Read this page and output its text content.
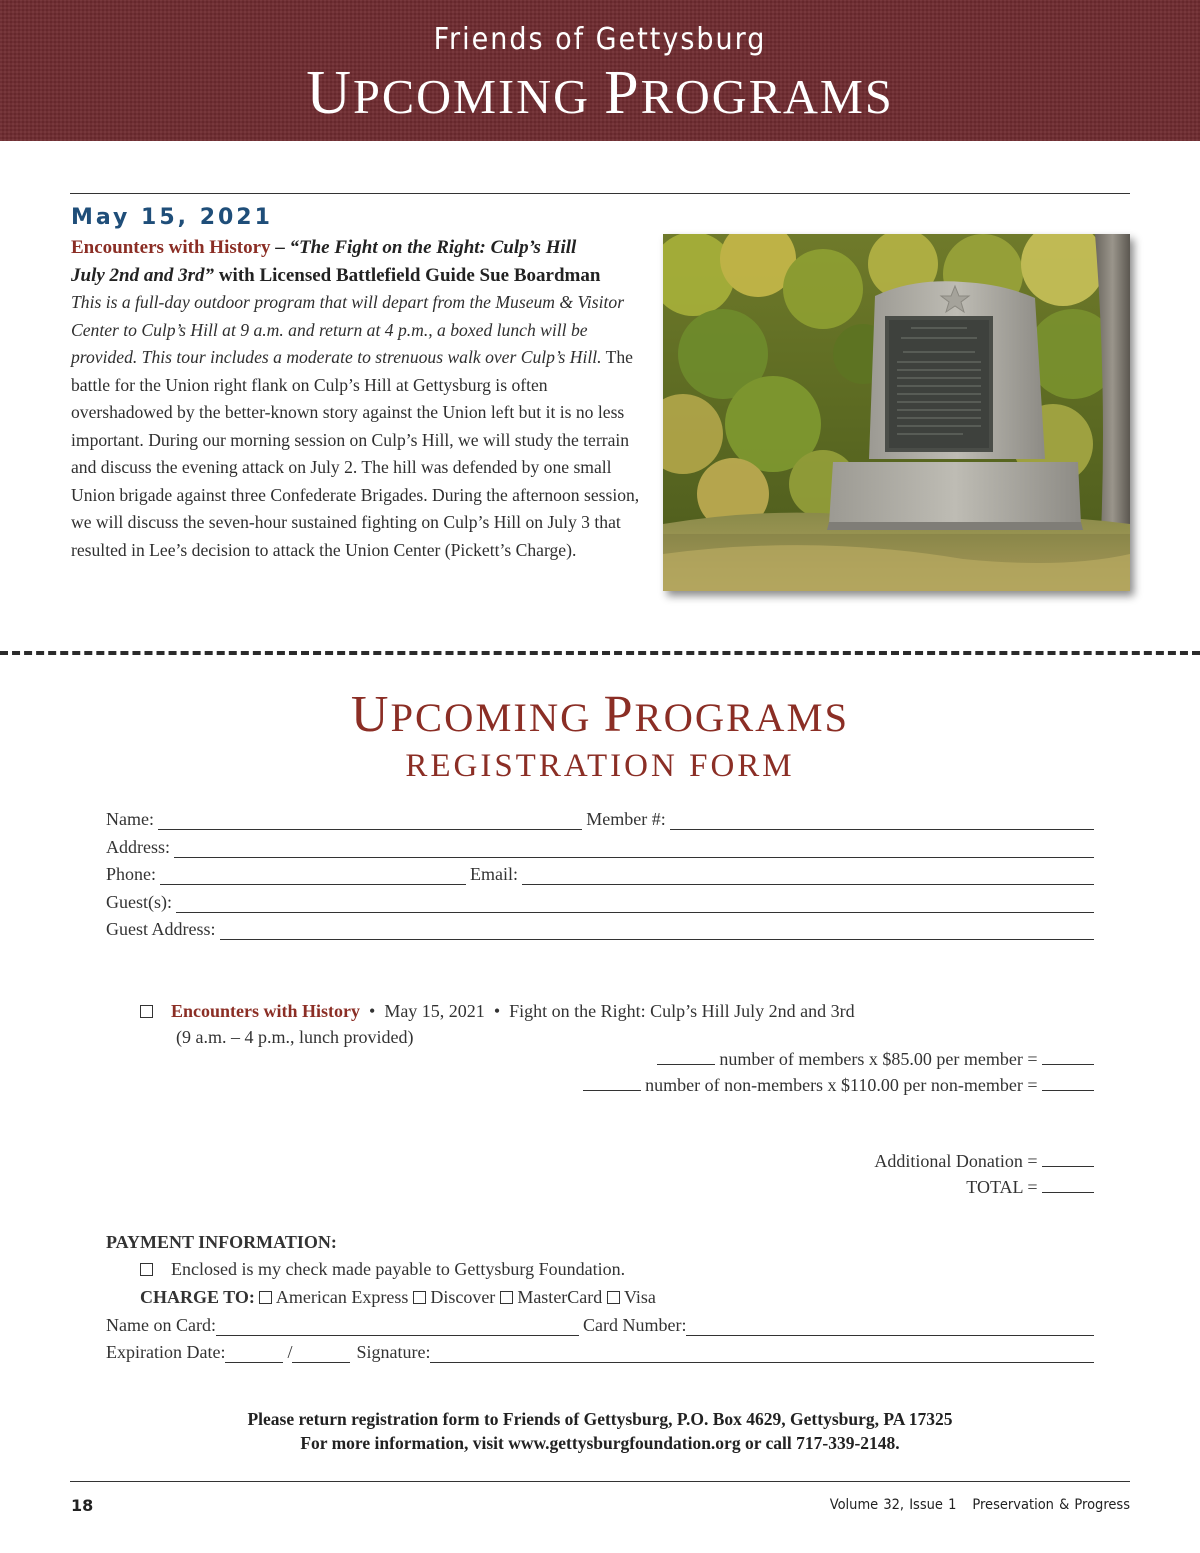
Friends of Gettysburg
UPCOMING PROGRAMS
May 15, 2021
Encounters with History – “The Fight on the Right: Culp’s Hill
July 2nd and 3rd” with Licensed Battlefield Guide Sue Boardman
This is a full-day outdoor program that will depart from the Museum & Visitor Center to Culp’s Hill at 9 a.m. and return at 4 p.m., a boxed lunch will be provided. This tour includes a moderate to strenuous walk over Culp’s Hill. The battle for the Union right flank on Culp’s Hill at Gettysburg is often overshadowed by the better-known story against the Union left but it is no less important. During our morning session on Culp’s Hill, we will study the terrain and discuss the evening attack on July 2. The hill was defended by one small Union brigade against three Confederate Brigades. During the afternoon session, we will discuss the seven-hour sustained fighting on Culp’s Hill on July 3 that resulted in Lee’s decision to attack the Union Center (Pickett’s Charge).
UPCOMING PROGRAMS
REGISTRATION FORM
Name:	Member #:
Address:
Phone:	Email:
Guest(s):
Guest Address:
Encounters with History • May 15, 2021 • Fight on the Right: Culp’s Hill July 2nd and 3rd
(9 a.m. – 4 p.m., lunch provided)
number of members x $85.00 per member =
number of non-members x $110.00 per non-member =
Additional Donation =
TOTAL =
PAYMENT INFORMATION:
Enclosed is my check made payable to Gettysburg Foundation.
CHARGE TO: American Express Discover MasterCard Visa
Name on Card:	Card Number:
Expiration Date:	/	Signature:
Please return registration form to Friends of Gettysburg, P.O. Box 4629, Gettysburg, PA 17325
For more information, visit www.gettysburgfoundation.org or call 717-339-2148.
18	Volume 32, Issue 1 Preservation & Progress
